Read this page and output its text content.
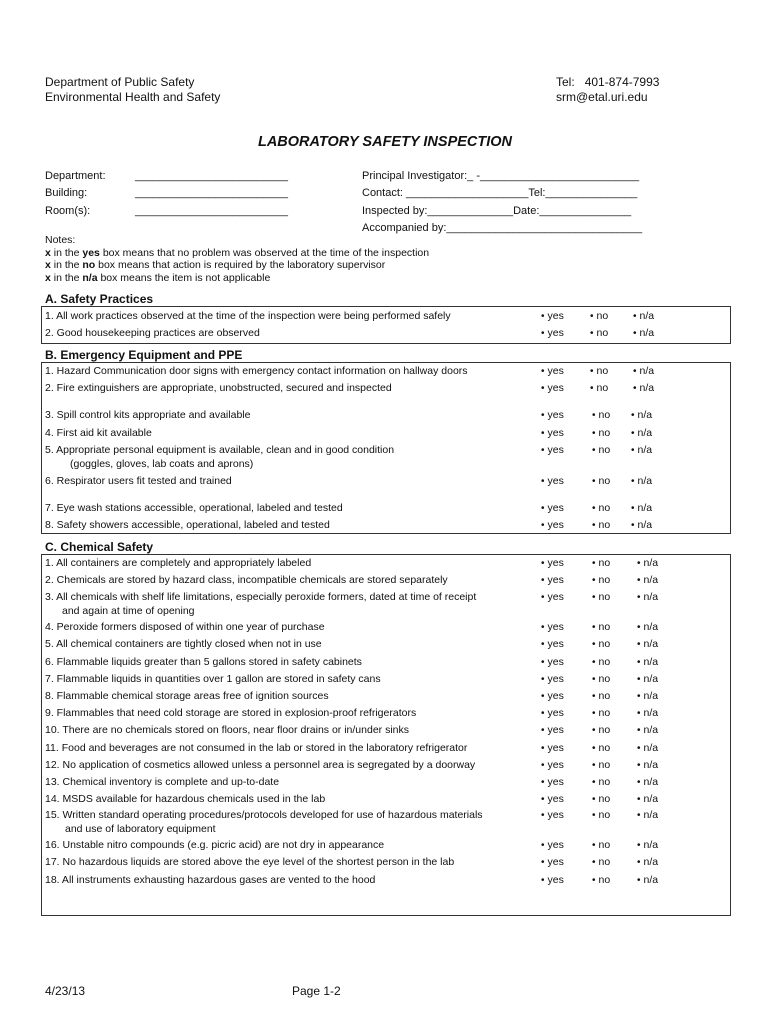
Department of Public Safety
Environmental Health and Safety
Tel: 401-874-7993
srm@etal.uri.edu
LABORATORY SAFETY INSPECTION
Department:	_________________________
Building:	_________________________
Room(s):	_________________________
Principal Investigator:_ -__________________________
Contact: ____________________Tel:_______________
Inspected by:______________Date:_______________
Accompanied by:________________________________
Notes:
x in the yes box means that no problem was observed at the time of the inspection
x in the no box means that action is required by the laboratory supervisor
x in the n/a box means the item is not applicable
A. Safety Practices
B. Emergency Equipment and PPE
C. Chemical Safety
1. All work practices observed at the time of the inspection were being performed safely	• yes	• no • n/a
2. Good housekeeping practices are observed	• yes	• no • n/a
1. Hazard Communication door signs with emergency contact information on hallway doors	• yes	• no • n/a
2. Fire extinguishers are appropriate, unobstructed, secured and inspected	• yes	• no • n/a
3. Spill control kits appropriate and available	• yes	• no • n/a
4. First aid kit available	• yes	• no • n/a
5. Appropriate personal equipment is available, clean and in good condition	• yes	• no • n/a
(goggles, gloves, lab coats and aprons)
6. Respirator users fit tested and trained	• yes	• no • n/a
7. Eye wash stations accessible, operational, labeled and tested	• yes	• no • n/a
8. Safety showers accessible, operational, labeled and tested	• yes	• no • n/a
1. All containers are completely and appropriately labeled	• yes	• no	• n/a
2. Chemicals are stored by hazard class, incompatible chemicals are stored separately	• yes	• no	• n/a
3. All chemicals with shelf life limitations, especially peroxide formers, dated at time of receipt	• yes	• no	• n/a
and again at time of opening
4. Peroxide formers disposed of within one year of purchase	• yes	• no	• n/a
5. All chemical containers are tightly closed when not in use	• yes	• no	• n/a
6. Flammable liquids greater than 5 gallons stored in safety cabinets	• yes	• no	• n/a
7. Flammable liquids in quantities over 1 gallon are stored in safety cans	• yes	• no	• n/a
8. Flammable chemical storage areas free of ignition sources	• yes	• no	• n/a
9. Flammables that need cold storage are stored in explosion-proof refrigerators	• yes	• no	• n/a
10. There are no chemicals stored on floors, near floor drains or in/under sinks	• yes	• no	• n/a
11. Food and beverages are not consumed in the lab or stored in the laboratory refrigerator	• yes	• no	• n/a
12. No application of cosmetics allowed unless a personnel area is segregated by a doorway	• yes	• no	• n/a
13. Chemical inventory is complete and up-to-date	• yes	• no	• n/a
14. MSDS available for hazardous chemicals used in the lab	• yes	• no	• n/a
15. Written standard operating procedures/protocols developed for use of hazardous materials	• yes	• no	• n/a
and use of laboratory equipment
16. Unstable nitro compounds (e.g. picric acid) are not dry in appearance	• yes	• no	• n/a
17. No hazardous liquids are stored above the eye level of the shortest person in the lab	• yes	• no	• n/a
18. All instruments exhausting hazardous gases are vented to the hood	• yes	• no	• n/a
4/23/13	Page 1-2
